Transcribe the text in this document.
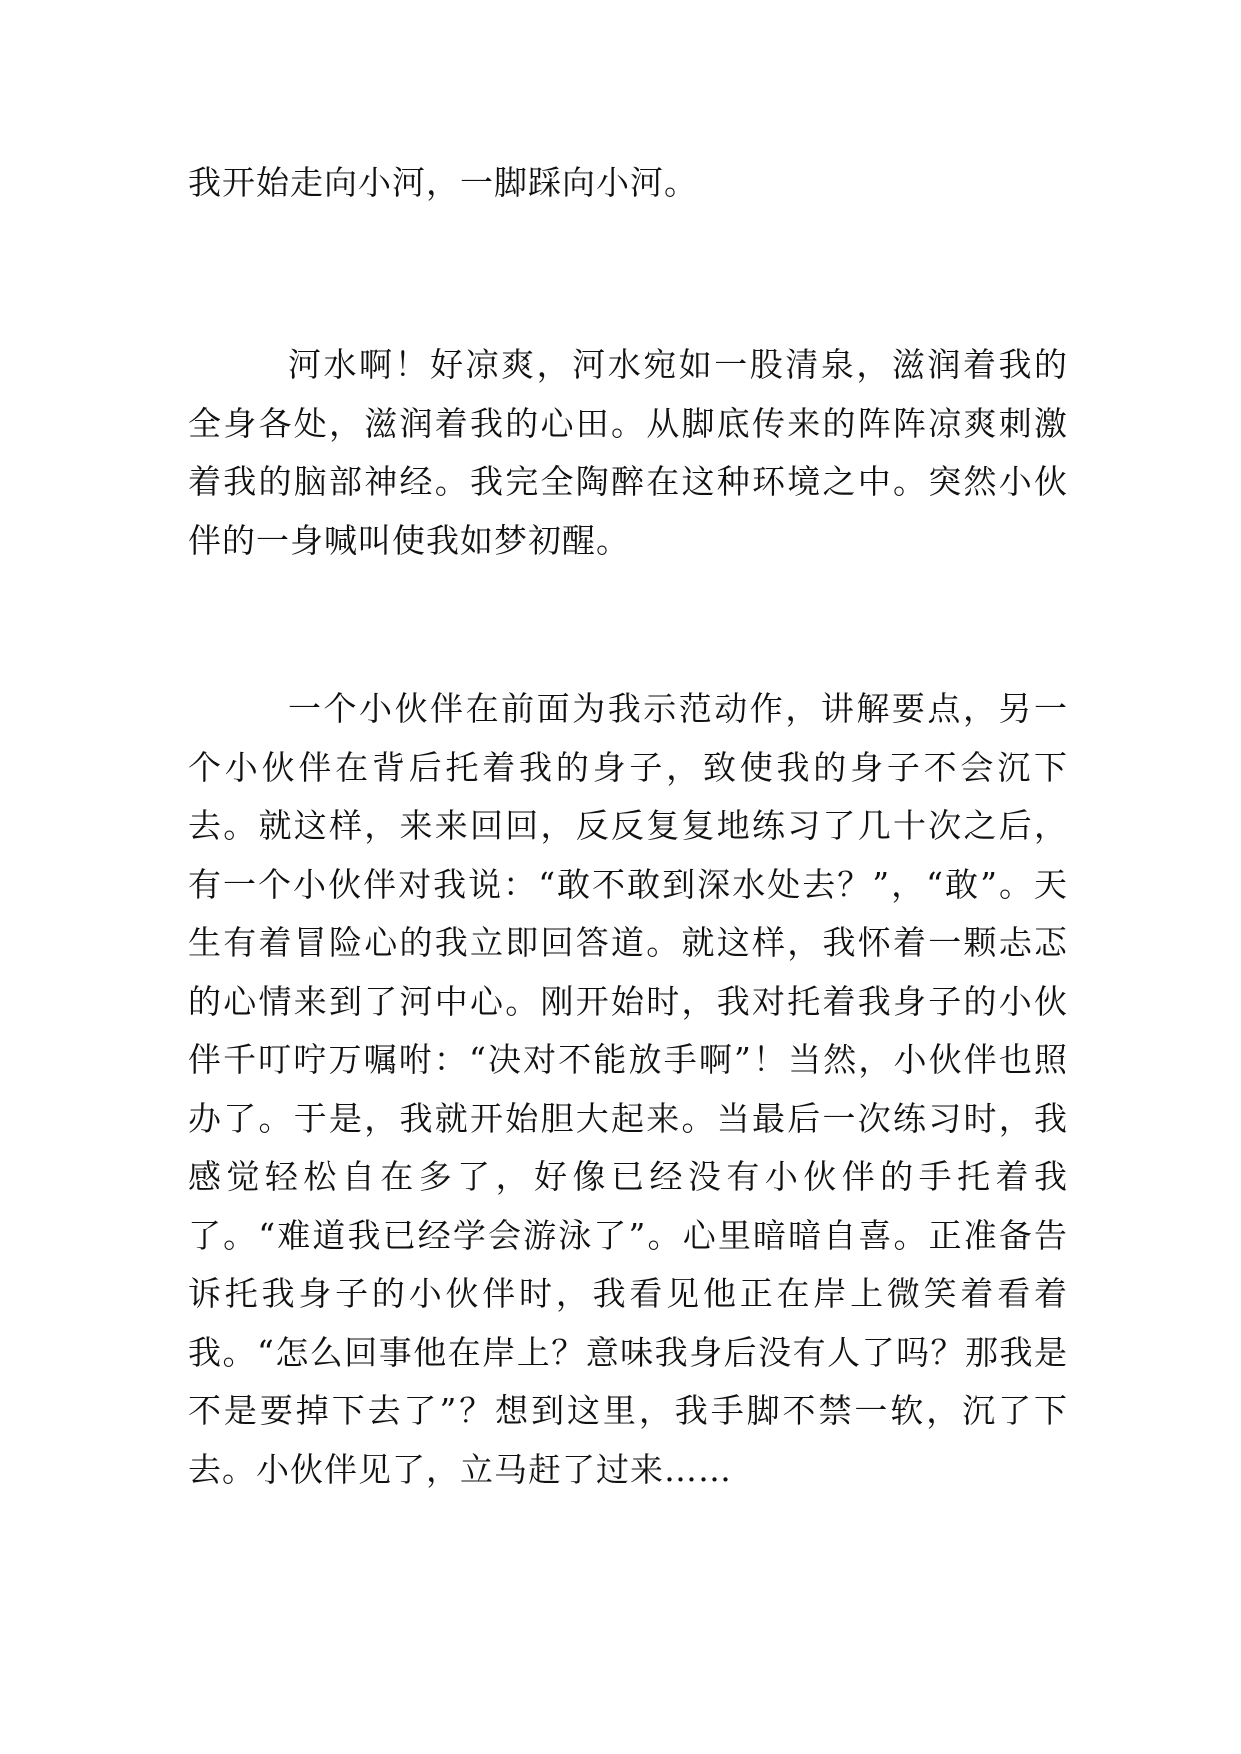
我开始走向小河，一脚踩向小河。

河水啊！好凉爽，河水宛如一股清泉，滋润着我的全身各处，滋润着我的心田。从脚底传来的阵阵凉爽刺激着我的脑部神经。我完全陶醉在这种环境之中。突然小伙伴的一身喊叫使我如梦初醒。

一个小伙伴在前面为我示范动作，讲解要点，另一个小伙伴在背后托着我的身子，致使我的身子不会沉下去。就这样，来来回回，反反复复地练习了几十次之后，有一个小伙伴对我说：“敢不敢到深水处去？”，“敢”。天生有着冒险心的我立即回答道。就这样，我怀着一颗忐忑的心情来到了河中心。刚开始时，我对托着我身子的小伙伴千叮咛万嘱咐：“决对不能放手啊”！当然，小伙伴也照办了。于是，我就开始胆大起来。当最后一次练习时，我感觉轻松自在多了，好像已经没有小伙伴的手托着我了。“难道我已经学会游泳了”。心里暗暗自喜。正准备告诉托我身子的小伙伴时，我看见他正在岸上微笑着看着我。“怎么回事他在岸上？意味我身后没有人了吗？那我是不是要掉下去了”？想到这里，我手脚不禁一软，沉了下去。小伙伴见了，立马赶了过来……
